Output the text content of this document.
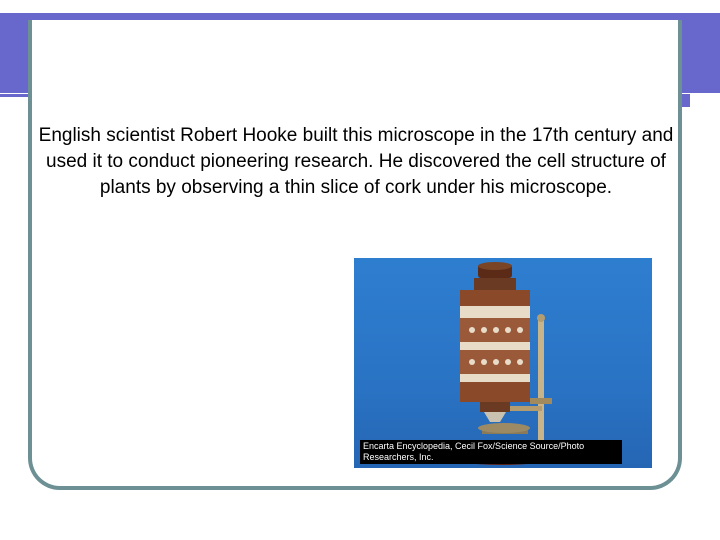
English scientist Robert Hooke built this microscope in the 17th century and used it to conduct pioneering research. He discovered the cell structure of plants by observing a thin slice of cork under his microscope.

Encarta Encyclopedia, Cecil Fox/Science Source/Photo Researchers, Inc.
